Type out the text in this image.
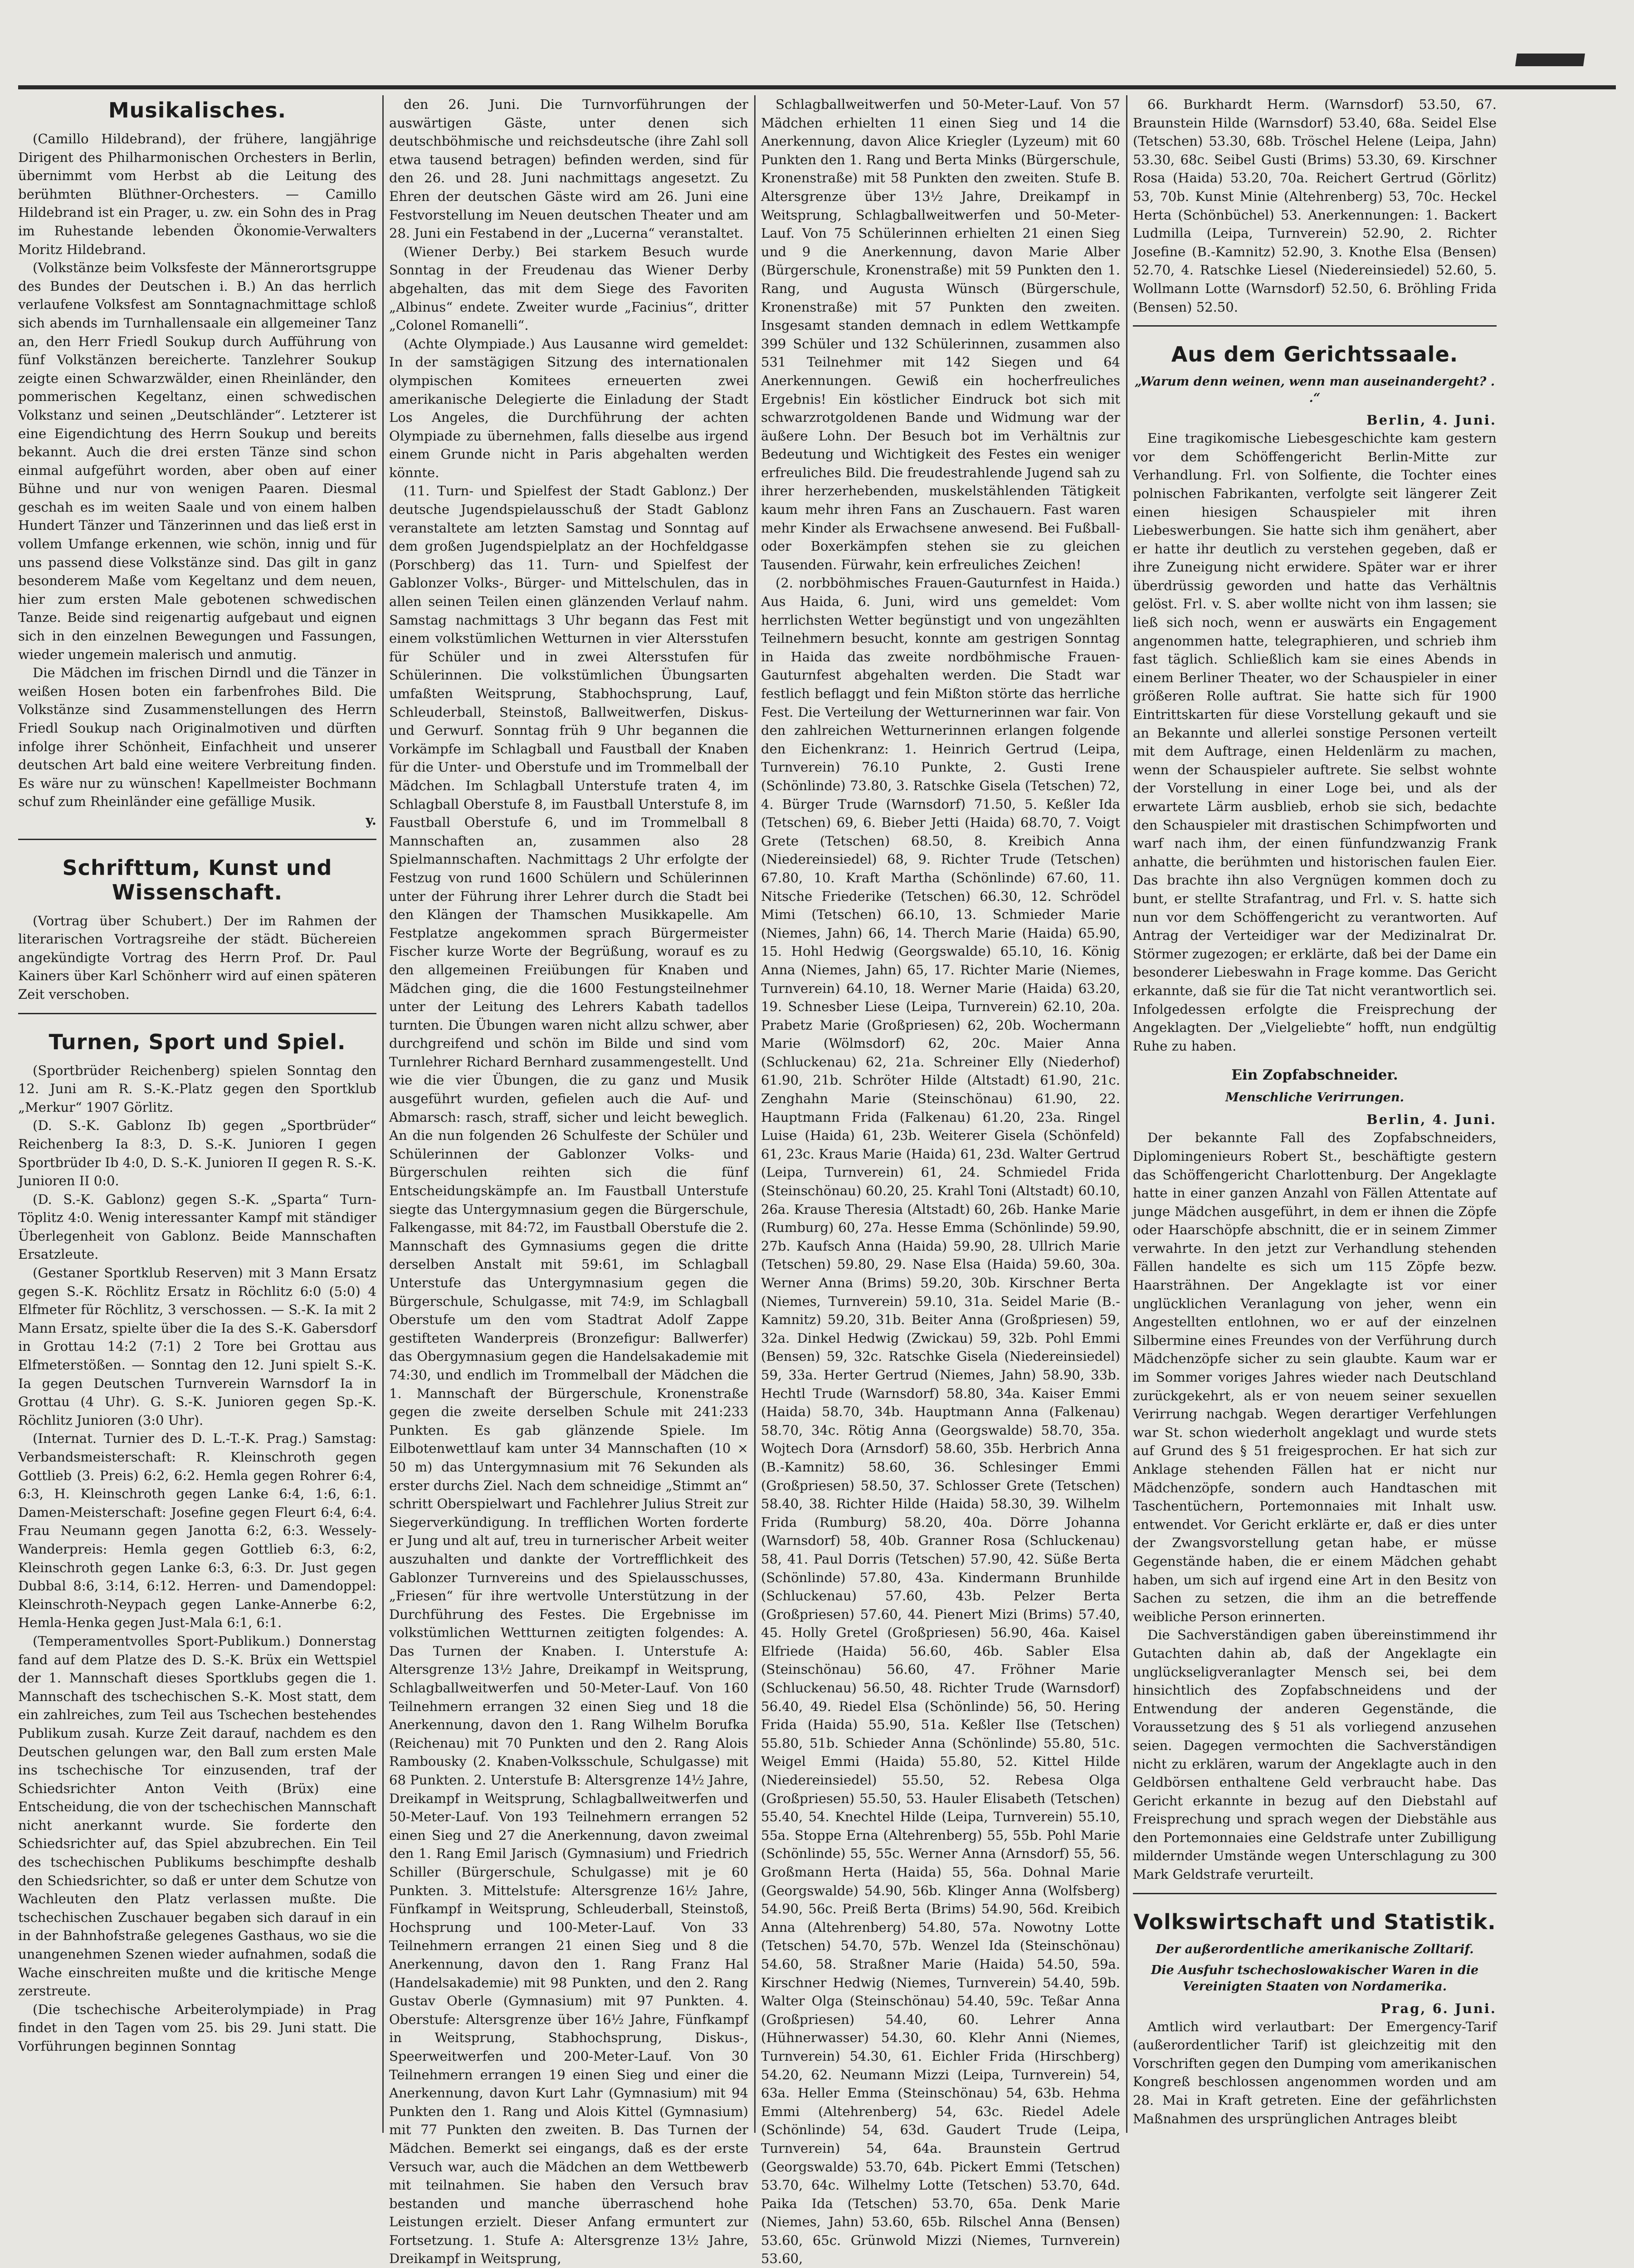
Musikalisches.

(Camillo Hildebrand), der frühere, langjährige Dirigent des Philharmonischen Orchesters in Berlin, übernimmt vom Herbst ab die Leitung des berühmten Blüthner-Orchesters. — Camillo Hildebrand ist ein Prager, u. zw. ein Sohn des in Prag im Ruhestande lebenden Ökonomie-Verwalters Moritz Hildebrand.

(Volkstänze beim Volksfeste der Männerortsgruppe des Bundes der Deutschen i. B.) An das herrlich verlaufene Volksfest am Sonntagnachmittage schloß sich abends im Turnhallensaale ein allgemeiner Tanz an, den Herr Friedl Soukup durch Aufführung von fünf Volkstänzen bereicherte. Tanzlehrer Soukup zeigte einen Schwarzwälder, einen Rheinländer, den pommerischen Kegeltanz, einen schwedischen Volkstanz und seinen „Deutschländer“. Letzterer ist eine Eigendichtung des Herrn Soukup und bereits bekannt. Auch die drei ersten Tänze sind schon einmal aufgeführt worden, aber oben auf einer Bühne und nur von wenigen Paaren. Diesmal geschah es im weiten Saale und von einem halben Hundert Tänzer und Tänzerinnen und das ließ erst in vollem Umfange erkennen, wie schön, innig und für uns passend diese Volkstänze sind. Das gilt in ganz besonderem Maße vom Kegeltanz und dem neuen, hier zum ersten Male gebotenen schwedischen Tanze. Beide sind reigenartig aufgebaut und eignen sich in den einzelnen Bewegungen und Fassungen, wieder ungemein malerisch und anmutig.

Die Mädchen im frischen Dirndl und die Tänzer in weißen Hosen boten ein farbenfrohes Bild. Die Volkstänze sind Zusammenstellungen des Herrn Friedl Soukup nach Originalmotiven und dürften infolge ihrer Schönheit, Einfachheit und unserer deutschen Art bald eine weitere Verbreitung finden. Es wäre nur zu wünschen! Kapellmeister Bochmann schuf zum Rheinländer eine gefällige Musik.

y.
Schrifttum, Kunst und Wissenschaft.

(Vortrag über Schubert.) Der im Rahmen der literarischen Vortragsreihe der städt. Büchereien angekündigte Vortrag des Herrn Prof. Dr. Paul Kainers über Karl Schönherr wird auf einen späteren Zeit verschoben.

Turnen, Sport und Spiel.

(Sportbrüder Reichenberg) spielen Sonntag den 12. Juni am R. S.-K.-Platz gegen den Sportklub „Merkur“ 1907 Görlitz.

(D. S.-K. Gablonz Ib) gegen „Sportbrüder“ Reichenberg Ia 8:3, D. S.-K. Junioren I gegen Sportbrüder Ib 4:0, D. S.-K. Junioren II gegen R. S.-K. Junioren II 0:0.

(D. S.-K. Gablonz) gegen S.-K. „Sparta“ Turn-Töplitz 4:0. Wenig interessanter Kampf mit ständiger Überlegenheit von Gablonz. Beide Mannschaften Ersatzleute.

(Gestaner Sportklub Reserven) mit 3 Mann Ersatz gegen S.-K. Röchlitz Ersatz in Röchlitz 6:0 (5:0) 4 Elfmeter für Röchlitz, 3 verschossen. — S.-K. Ia mit 2 Mann Ersatz, spielte über die Ia des S.-K. Gabersdorf in Grottau 14:2 (7:1) 2 Tore bei Grottau aus Elfmeterstößen. — Sonntag den 12. Juni spielt S.-K. Ia gegen Deutschen Turnverein Warnsdorf Ia in Grottau (4 Uhr). G. S.-K. Junioren gegen Sp.-K. Röchlitz Junioren (3:0 Uhr).

(Internat. Turnier des D. L.-T.-K. Prag.) Samstag: Verbandsmeisterschaft: R. Kleinschroth gegen Gottlieb (3. Preis) 6:2, 6:2. Hemla gegen Rohrer 6:4, 6:3, H. Kleinschroth gegen Lanke 6:4, 1:6, 6:1. Damen-Meisterschaft: Josefine gegen Fleurt 6:4, 6:4. Frau Neumann gegen Janotta 6:2, 6:3. Wessely-Wanderpreis: Hemla gegen Gottlieb 6:3, 6:2, Kleinschroth gegen Lanke 6:3, 6:3. Dr. Just gegen Dubbal 8:6, 3:14, 6:12. Herren- und Damendoppel: Kleinschroth-Neypach gegen Lanke-Annerbe 6:2, Hemla-Henka gegen Just-Mala 6:1, 6:1.

(Temperamentvolles Sport-Publikum.) Donnerstag fand auf dem Platze des D. S.-K. Brüx ein Wettspiel der 1. Mannschaft dieses Sportklubs gegen die 1. Mannschaft des tschechischen S.-K. Most statt, dem ein zahlreiches, zum Teil aus Tschechen bestehendes Publikum zusah. Kurze Zeit darauf, nachdem es den Deutschen gelungen war, den Ball zum ersten Male ins tschechische Tor einzusenden, traf der Schiedsrichter Anton Veith (Brüx) eine Entscheidung, die von der tschechischen Mannschaft nicht anerkannt wurde. Sie forderte den Schiedsrichter auf, das Spiel abzubrechen. Ein Teil des tschechischen Publikums beschimpfte deshalb den Schiedsrichter, so daß er unter dem Schutze von Wachleuten den Platz verlassen mußte. Die tschechischen Zuschauer begaben sich darauf in ein in der Bahnhofstraße gelegenes Gasthaus, wo sie die unangenehmen Szenen wieder aufnahmen, sodaß die Wache einschreiten mußte und die kritische Menge zerstreute.

(Die tschechische Arbeiterolympiade) in Prag findet in den Tagen vom 25. bis 29. Juni statt. Die Vorführungen beginnen Sonntag

den 26. Juni. Die Turnvorführungen der auswärtigen Gäste, unter denen sich deutschböhmische und reichsdeutsche (ihre Zahl soll etwa tausend betragen) befinden werden, sind für den 26. und 28. Juni nachmittags angesetzt. Zu Ehren der deutschen Gäste wird am 26. Juni eine Festvorstellung im Neuen deutschen Theater und am 28. Juni ein Festabend in der „Lucerna“ veranstaltet.

(Wiener Derby.) Bei starkem Besuch wurde Sonntag in der Freudenau das Wiener Derby abgehalten, das mit dem Siege des Favoriten „Albinus“ endete. Zweiter wurde „Facinius“, dritter „Colonel Romanelli“.

(Achte Olympiade.) Aus Lausanne wird gemeldet: In der samstägigen Sitzung des internationalen olympischen Komitees erneuerten zwei amerikanische Delegierte die Einladung der Stadt Los Angeles, die Durchführung der achten Olympiade zu übernehmen, falls dieselbe aus irgend einem Grunde nicht in Paris abgehalten werden könnte.

(11. Turn- und Spielfest der Stadt Gablonz.) Der deutsche Jugendspielausschuß der Stadt Gablonz veranstaltete am letzten Samstag und Sonntag auf dem großen Jugendspielplatz an der Hochfeldgasse (Porschberg) das 11. Turn- und Spielfest der Gablonzer Volks-, Bürger- und Mittelschulen, das in allen seinen Teilen einen glänzenden Verlauf nahm. Samstag nachmittags 3 Uhr begann das Fest mit einem volkstümlichen Wetturnen in vier Altersstufen für Schüler und in zwei Altersstufen für Schülerinnen. Die volkstümlichen Übungsarten umfaßten Weitsprung, Stabhochsprung, Lauf, Schleuderball, Steinstoß, Ballweitwerfen, Diskus- und Gerwurf. Sonntag früh 9 Uhr begannen die Vorkämpfe im Schlagball und Faustball der Knaben für die Unter- und Oberstufe und im Trommelball der Mädchen. Im Schlagball Unterstufe traten 4, im Schlagball Oberstufe 8, im Faustball Unterstufe 8, im Faustball Oberstufe 6, und im Trommelball 8 Mannschaften an, zusammen also 28 Spielmannschaften. Nachmittags 2 Uhr erfolgte der Festzug von rund 1600 Schülern und Schülerinnen unter der Führung ihrer Lehrer durch die Stadt bei den Klängen der Thamschen Musikkapelle. Am Festplatze angekommen sprach Bürgermeister Fischer kurze Worte der Begrüßung, worauf es zu den allgemeinen Freiübungen für Knaben und Mädchen ging, die die 1600 Festungsteilnehmer unter der Leitung des Lehrers Kabath tadellos turnten. Die Übungen waren nicht allzu schwer, aber durchgreifend und schön im Bilde und sind vom Turnlehrer Richard Bernhard zusammengestellt. Und wie die vier Übungen, die zu ganz und Musik ausgeführt wurden, gefielen auch die Auf- und Abmarsch: rasch, straff, sicher und leicht beweglich. An die nun folgenden 26 Schulfeste der Schüler und Schülerinnen der Gablonzer Volks- und Bürgerschulen reihten sich die fünf Entscheidungskämpfe an. Im Faustball Unterstufe siegte das Untergymnasium gegen die Bürgerschule, Falkengasse, mit 84:72, im Faustball Oberstufe die 2. Mannschaft des Gymnasiums gegen die dritte derselben Anstalt mit 59:61, im Schlagball Unterstufe das Untergymnasium gegen die Bürgerschule, Schulgasse, mit 74:9, im Schlagball Oberstufe um den vom Stadtrat Adolf Zappe gestifteten Wanderpreis (Bronzefigur: Ballwerfer) das Obergymnasium gegen die Handelsakademie mit 74:30, und endlich im Trommelball der Mädchen die 1. Mannschaft der Bürgerschule, Kronenstraße gegen die zweite derselben Schule mit 241:233 Punkten. Es gab glänzende Spiele. Im Eilbotenwettlauf kam unter 34 Mannschaften (10 × 50 m) das Untergymnasium mit 76 Sekunden als erster durchs Ziel. Nach dem schneidige „Stimmt an“ schritt Oberspielwart und Fachlehrer Julius Streit zur Siegerverkündigung. In trefflichen Worten forderte er Jung und alt auf, treu in turnerischer Arbeit weiter auszuhalten und dankte der Vortrefflichkeit des Gablonzer Turnvereins und des Spielausschusses, „Friesen“ für ihre wertvolle Unterstützung in der Durchführung des Festes. Die Ergebnisse im volkstümlichen Wettturnen zeitigten folgendes: A. Das Turnen der Knaben. I. Unterstufe A: Altersgrenze 13½ Jahre, Dreikampf in Weitsprung, Schlagballweitwerfen und 50-Meter-Lauf. Von 160 Teilnehmern errangen 32 einen Sieg und 18 die Anerkennung, davon den 1. Rang Wilhelm Borufka (Reichenau) mit 70 Punkten und den 2. Rang Alois Rambousky (2. Knaben-Volksschule, Schulgasse) mit 68 Punkten. 2. Unterstufe B: Altersgrenze 14½ Jahre, Dreikampf in Weitsprung, Schlagballweitwerfen und 50-Meter-Lauf. Von 193 Teilnehmern errangen 52 einen Sieg und 27 die Anerkennung, davon zweimal den 1. Rang Emil Jarisch (Gymnasium) und Friedrich Schiller (Bürgerschule, Schulgasse) mit je 60 Punkten. 3. Mittelstufe: Altersgrenze 16½ Jahre, Fünfkampf in Weitsprung, Schleuderball, Steinstoß, Hochsprung und 100-Meter-Lauf. Von 33 Teilnehmern errangen 21 einen Sieg und 8 die Anerkennung, davon den 1. Rang Franz Hal (Handelsakademie) mit 98 Punkten, und den 2. Rang Gustav Oberle (Gymnasium) mit 97 Punkten. 4. Oberstufe: Altersgrenze über 16½ Jahre, Fünfkampf in Weitsprung, Stabhochsprung, Diskus-, Speerweitwerfen und 200-Meter-Lauf. Von 30 Teilnehmern errangen 19 einen Sieg und einer die Anerkennung, davon Kurt Lahr (Gymnasium) mit 94 Punkten den 1. Rang und Alois Kittel (Gymnasium) mit 77 Punkten den zweiten. B. Das Turnen der Mädchen. Bemerkt sei eingangs, daß es der erste Versuch war, auch die Mädchen an dem Wettbewerb mit teilnahmen. Sie haben den Versuch brav bestanden und manche überraschend hohe Leistungen erzielt. Dieser Anfang ermuntert zur Fortsetzung. 1. Stufe A: Altersgrenze 13½ Jahre, Dreikampf in Weitsprung,

Schlagballweitwerfen und 50-Meter-Lauf. Von 57 Mädchen erhielten 11 einen Sieg und 14 die Anerkennung, davon Alice Kriegler (Lyzeum) mit 60 Punkten den 1. Rang und Berta Minks (Bürgerschule, Kronenstraße) mit 58 Punkten den zweiten. Stufe B. Altersgrenze über 13½ Jahre, Dreikampf in Weitsprung, Schlagballweitwerfen und 50-Meter-Lauf. Von 75 Schülerinnen erhielten 21 einen Sieg und 9 die Anerkennung, davon Marie Alber (Bürgerschule, Kronenstraße) mit 59 Punkten den 1. Rang, und Augusta Wünsch (Bürgerschule, Kronenstraße) mit 57 Punkten den zweiten. Insgesamt standen demnach in edlem Wettkampfe 399 Schüler und 132 Schülerinnen, zusammen also 531 Teilnehmer mit 142 Siegen und 64 Anerkennungen. Gewiß ein hocherfreuliches Ergebnis! Ein köstlicher Eindruck bot sich mit schwarzrotgoldenen Bande und Widmung war der äußere Lohn. Der Besuch bot im Verhältnis zur Bedeutung und Wichtigkeit des Festes ein weniger erfreuliches Bild. Die freudestrahlende Jugend sah zu ihrer herzerhebenden, muskelstählenden Tätigkeit kaum mehr ihren Fans an Zuschauern. Fast waren mehr Kinder als Erwachsene anwesend. Bei Fußball- oder Boxerkämpfen stehen sie zu gleichen Tausenden. Fürwahr, kein erfreuliches Zeichen!

(2. norbböhmisches Frauen-Gauturnfest in Haida.) Aus Haida, 6. Juni, wird uns gemeldet: Vom herrlichsten Wetter begünstigt und von ungezählten Teilnehmern besucht, konnte am gestrigen Sonntag in Haida das zweite nordböhmische Frauen-Gauturnfest abgehalten werden. Die Stadt war festlich beflaggt und fein Mißton störte das herrliche Fest. Die Verteilung der Wetturnerinnen war fair. Von den zahlreichen Wetturnerinnen erlangen folgende den Eichenkranz: 1. Heinrich Gertrud (Leipa, Turnverein) 76.10 Punkte, 2. Gusti Irene (Schönlinde) 73.80, 3. Ratschke Gisela (Tetschen) 72, 4. Bürger Trude (Warnsdorf) 71.50, 5. Keßler Ida (Tetschen) 69, 6. Bieber Jetti (Haida) 68.70, 7. Voigt Grete (Tetschen) 68.50, 8. Kreibich Anna (Niedereinsiedel) 68, 9. Richter Trude (Tetschen) 67.80, 10. Kraft Martha (Schönlinde) 67.60, 11. Nitsche Friederike (Tetschen) 66.30, 12. Schrödel Mimi (Tetschen) 66.10, 13. Schmieder Marie (Niemes, Jahn) 66, 14. Therch Marie (Haida) 65.90, 15. Hohl Hedwig (Georgswalde) 65.10, 16. König Anna (Niemes, Jahn) 65, 17. Richter Marie (Niemes, Turnverein) 64.10, 18. Werner Marie (Haida) 63.20, 19. Schnesber Liese (Leipa, Turnverein) 62.10, 20a. Prabetz Marie (Großpriesen) 62, 20b. Wochermann Marie (Wölmsdorf) 62, 20c. Maier Anna (Schluckenau) 62, 21a. Schreiner Elly (Niederhof) 61.90, 21b. Schröter Hilde (Altstadt) 61.90, 21c. Zenghahn Marie (Steinschönau) 61.90, 22. Hauptmann Frida (Falkenau) 61.20, 23a. Ringel Luise (Haida) 61, 23b. Weiterer Gisela (Schönfeld) 61, 23c. Kraus Marie (Haida) 61, 23d. Walter Gertrud (Leipa, Turnverein) 61, 24. Schmiedel Frida (Steinschönau) 60.20, 25. Krahl Toni (Altstadt) 60.10, 26a. Krause Theresia (Altstadt) 60, 26b. Hanke Marie (Rumburg) 60, 27a. Hesse Emma (Schönlinde) 59.90, 27b. Kaufsch Anna (Haida) 59.90, 28. Ullrich Marie (Tetschen) 59.80, 29. Nase Elsa (Haida) 59.60, 30a. Werner Anna (Brims) 59.20, 30b. Kirschner Berta (Niemes, Turnverein) 59.10, 31a. Seidel Marie (B.-Kamnitz) 59.20, 31b. Beiter Anna (Großpriesen) 59, 32a. Dinkel Hedwig (Zwickau) 59, 32b. Pohl Emmi (Bensen) 59, 32c. Ratschke Gisela (Niedereinsiedel) 59, 33a. Herter Gertrud (Niemes, Jahn) 58.90, 33b. Hechtl Trude (Warnsdorf) 58.80, 34a. Kaiser Emmi (Haida) 58.70, 34b. Hauptmann Anna (Falkenau) 58.70, 34c. Rötig Anna (Georgswalde) 58.70, 35a. Wojtech Dora (Arnsdorf) 58.60, 35b. Herbrich Anna (B.-Kamnitz) 58.60, 36. Schlesinger Emmi (Großpriesen) 58.50, 37. Schlosser Grete (Tetschen) 58.40, 38. Richter Hilde (Haida) 58.30, 39. Wilhelm Frida (Rumburg) 58.20, 40a. Dörre Johanna (Warnsdorf) 58, 40b. Granner Rosa (Schluckenau) 58, 41. Paul Dorris (Tetschen) 57.90, 42. Süße Berta (Schönlinde) 57.80, 43a. Kindermann Brunhilde (Schluckenau) 57.60, 43b. Pelzer Berta (Großpriesen) 57.60, 44. Pienert Mizi (Brims) 57.40, 45. Holly Gretel (Großpriesen) 56.90, 46a. Kaisel Elfriede (Haida) 56.60, 46b. Sabler Elsa (Steinschönau) 56.60, 47. Fröhner Marie (Schluckenau) 56.50, 48. Richter Trude (Warnsdorf) 56.40, 49. Riedel Elsa (Schönlinde) 56, 50. Hering Frida (Haida) 55.90, 51a. Keßler Ilse (Tetschen) 55.80, 51b. Schieder Anna (Schönlinde) 55.80, 51c. Weigel Emmi (Haida) 55.80, 52. Kittel Hilde (Niedereinsiedel) 55.50, 52. Rebesa Olga (Großpriesen) 55.50, 53. Hauler Elisabeth (Tetschen) 55.40, 54. Knechtel Hilde (Leipa, Turnverein) 55.10, 55a. Stoppe Erna (Altehrenberg) 55, 55b. Pohl Marie (Schönlinde) 55, 55c. Werner Anna (Arnsdorf) 55, 56. Großmann Herta (Haida) 55, 56a. Dohnal Marie (Georgswalde) 54.90, 56b. Klinger Anna (Wolfsberg) 54.90, 56c. Preiß Berta (Brims) 54.90, 56d. Kreibich Anna (Altehrenberg) 54.80, 57a. Nowotny Lotte (Tetschen) 54.70, 57b. Wenzel Ida (Steinschönau) 54.60, 58. Straßner Marie (Haida) 54.50, 59a. Kirschner Hedwig (Niemes, Turnverein) 54.40, 59b. Walter Olga (Steinschönau) 54.40, 59c. Teßar Anna (Großpriesen) 54.40, 60. Lehrer Anna (Hühnerwasser) 54.30, 60. Klehr Anni (Niemes, Turnverein) 54.30, 61. Eichler Frida (Hirschberg) 54.20, 62. Neumann Mizzi (Leipa, Turnverein) 54, 63a. Heller Emma (Steinschönau) 54, 63b. Hehma Emmi (Altehrenberg) 54, 63c. Riedel Adele (Schönlinde) 54, 63d. Gaudert Trude (Leipa, Turnverein) 54, 64a. Braunstein Gertrud (Georgswalde) 53.70, 64b. Pickert Emmi (Tetschen) 53.70, 64c. Wilhelmy Lotte (Tetschen) 53.70, 64d. Paika Ida (Tetschen) 53.70, 65a. Denk Marie (Niemes, Jahn) 53.60, 65b. Rilschel Anna (Bensen) 53.60, 65c. Grünwold Mizzi (Niemes, Turnverein) 53.60,

66. Burkhardt Herm. (Warnsdorf) 53.50, 67. Braunstein Hilde (Warnsdorf) 53.40, 68a. Seidel Else (Tetschen) 53.30, 68b. Tröschel Helene (Leipa, Jahn) 53.30, 68c. Seibel Gusti (Brims) 53.30, 69. Kirschner Rosa (Haida) 53.20, 70a. Reichert Gertrud (Görlitz) 53, 70b. Kunst Minie (Altehrenberg) 53, 70c. Heckel Herta (Schönbüchel) 53. Anerkennungen: 1. Backert Ludmilla (Leipa, Turnverein) 52.90, 2. Richter Josefine (B.-Kamnitz) 52.90, 3. Knothe Elsa (Bensen) 52.70, 4. Ratschke Liesel (Niedereinsiedel) 52.60, 5. Wollmann Lotte (Warnsdorf) 52.50, 6. Bröhling Frida (Bensen) 52.50.

Aus dem Gerichtssaale.
„Warum denn weinen, wenn man auseinandergeht? . .“
Berlin, 4. Juni.

Eine tragikomische Liebesgeschichte kam gestern vor dem Schöffengericht Berlin-Mitte zur Verhandlung. Frl. von Solfiente, die Tochter eines polnischen Fabrikanten, verfolgte seit längerer Zeit einen hiesigen Schauspieler mit ihren Liebeswerbungen. Sie hatte sich ihm genähert, aber er hatte ihr deutlich zu verstehen gegeben, daß er ihre Zuneigung nicht erwidere. Später war er ihrer überdrüssig geworden und hatte das Verhältnis gelöst. Frl. v. S. aber wollte nicht von ihm lassen; sie ließ sich noch, wenn er auswärts ein Engagement angenommen hatte, telegraphieren, und schrieb ihm fast täglich. Schließlich kam sie eines Abends in einem Berliner Theater, wo der Schauspieler in einer größeren Rolle auftrat. Sie hatte sich für 1900 Eintrittskarten für diese Vorstellung gekauft und sie an Bekannte und allerlei sonstige Personen verteilt mit dem Auftrage, einen Heldenlärm zu machen, wenn der Schauspieler auftrete. Sie selbst wohnte der Vorstellung in einer Loge bei, und als der erwartete Lärm ausblieb, erhob sie sich, bedachte den Schauspieler mit drastischen Schimpfworten und warf nach ihm, der einen fünfundzwanzig Frank anhatte, die berühmten und historischen faulen Eier. Das brachte ihn also Vergnügen kommen doch zu bunt, er stellte Strafantrag, und Frl. v. S. hatte sich nun vor dem Schöffengericht zu verantworten. Auf Antrag der Verteidiger war der Medizinalrat Dr. Störmer zugezogen; er erklärte, daß bei der Dame ein besonderer Liebeswahn in Frage komme. Das Gericht erkannte, daß sie für die Tat nicht verantwortlich sei. Infolgedessen erfolgte die Freisprechung der Angeklagten. Der „Vielgeliebte“ hofft, nun endgültig Ruhe zu haben.

Ein Zopfabschneider.
Menschliche Verirrungen.
Berlin, 4. Juni.

Der bekannte Fall des Zopfabschneiders, Diplomingenieurs Robert St., beschäftigte gestern das Schöffengericht Charlottenburg. Der Angeklagte hatte in einer ganzen Anzahl von Fällen Attentate auf junge Mädchen ausgeführt, in dem er ihnen die Zöpfe oder Haarschöpfe abschnitt, die er in seinem Zimmer verwahrte. In den jetzt zur Verhandlung stehenden Fällen handelte es sich um 115 Zöpfe bezw. Haarsträhnen. Der Angeklagte ist vor einer unglücklichen Veranlagung von jeher, wenn ein Angestellten entlohnen, wo er auf der einzelnen Silbermine eines Freundes von der Verführung durch Mädchenzöpfe sicher zu sein glaubte. Kaum war er im Sommer voriges Jahres wieder nach Deutschland zurückgekehrt, als er von neuem seiner sexuellen Verirrung nachgab. Wegen derartiger Verfehlungen war St. schon wiederholt angeklagt und wurde stets auf Grund des § 51 freigesprochen. Er hat sich zur Anklage stehenden Fällen hat er nicht nur Mädchenzöpfe, sondern auch Handtaschen mit Taschentüchern, Portemonnaies mit Inhalt usw. entwendet. Vor Gericht erklärte er, daß er dies unter der Zwangsvorstellung getan habe, er müsse Gegenstände haben, die er einem Mädchen gehabt haben, um sich auf irgend eine Art in den Besitz von Sachen zu setzen, die ihm an die betreffende weibliche Person erinnerten.

Die Sachverständigen gaben übereinstimmend ihr Gutachten dahin ab, daß der Angeklagte ein unglückseligveranlagter Mensch sei, bei dem hinsichtlich des Zopfabschneidens und der Entwendung der anderen Gegenstände, die Voraussetzung des § 51 als vorliegend anzusehen seien. Dagegen vermochten die Sachverständigen nicht zu erklären, warum der Angeklagte auch in den Geldbörsen enthaltene Geld verbraucht habe. Das Gericht erkannte in bezug auf den Diebstahl auf Freisprechung und sprach wegen der Diebstähle aus den Portemonnaies eine Geldstrafe unter Zubilligung mildernder Umstände wegen Unterschlagung zu 300 Mark Geldstrafe verurteilt.

Volkswirtschaft und Statistik.
Der außerordentliche amerikanische Zolltarif.
Die Ausfuhr tschechoslowakischer Waren in die Vereinigten Staaten von Nordamerika.
Prag, 6. Juni.

Amtlich wird verlautbart: Der Emergency-Tarif (außerordentlicher Tarif) ist gleichzeitig mit den Vorschriften gegen den Dumping vom amerikanischen Kongreß beschlossen angenommen worden und am 28. Mai in Kraft getreten. Eine der gefährlichsten Maßnahmen des ursprünglichen Antrages bleibt
